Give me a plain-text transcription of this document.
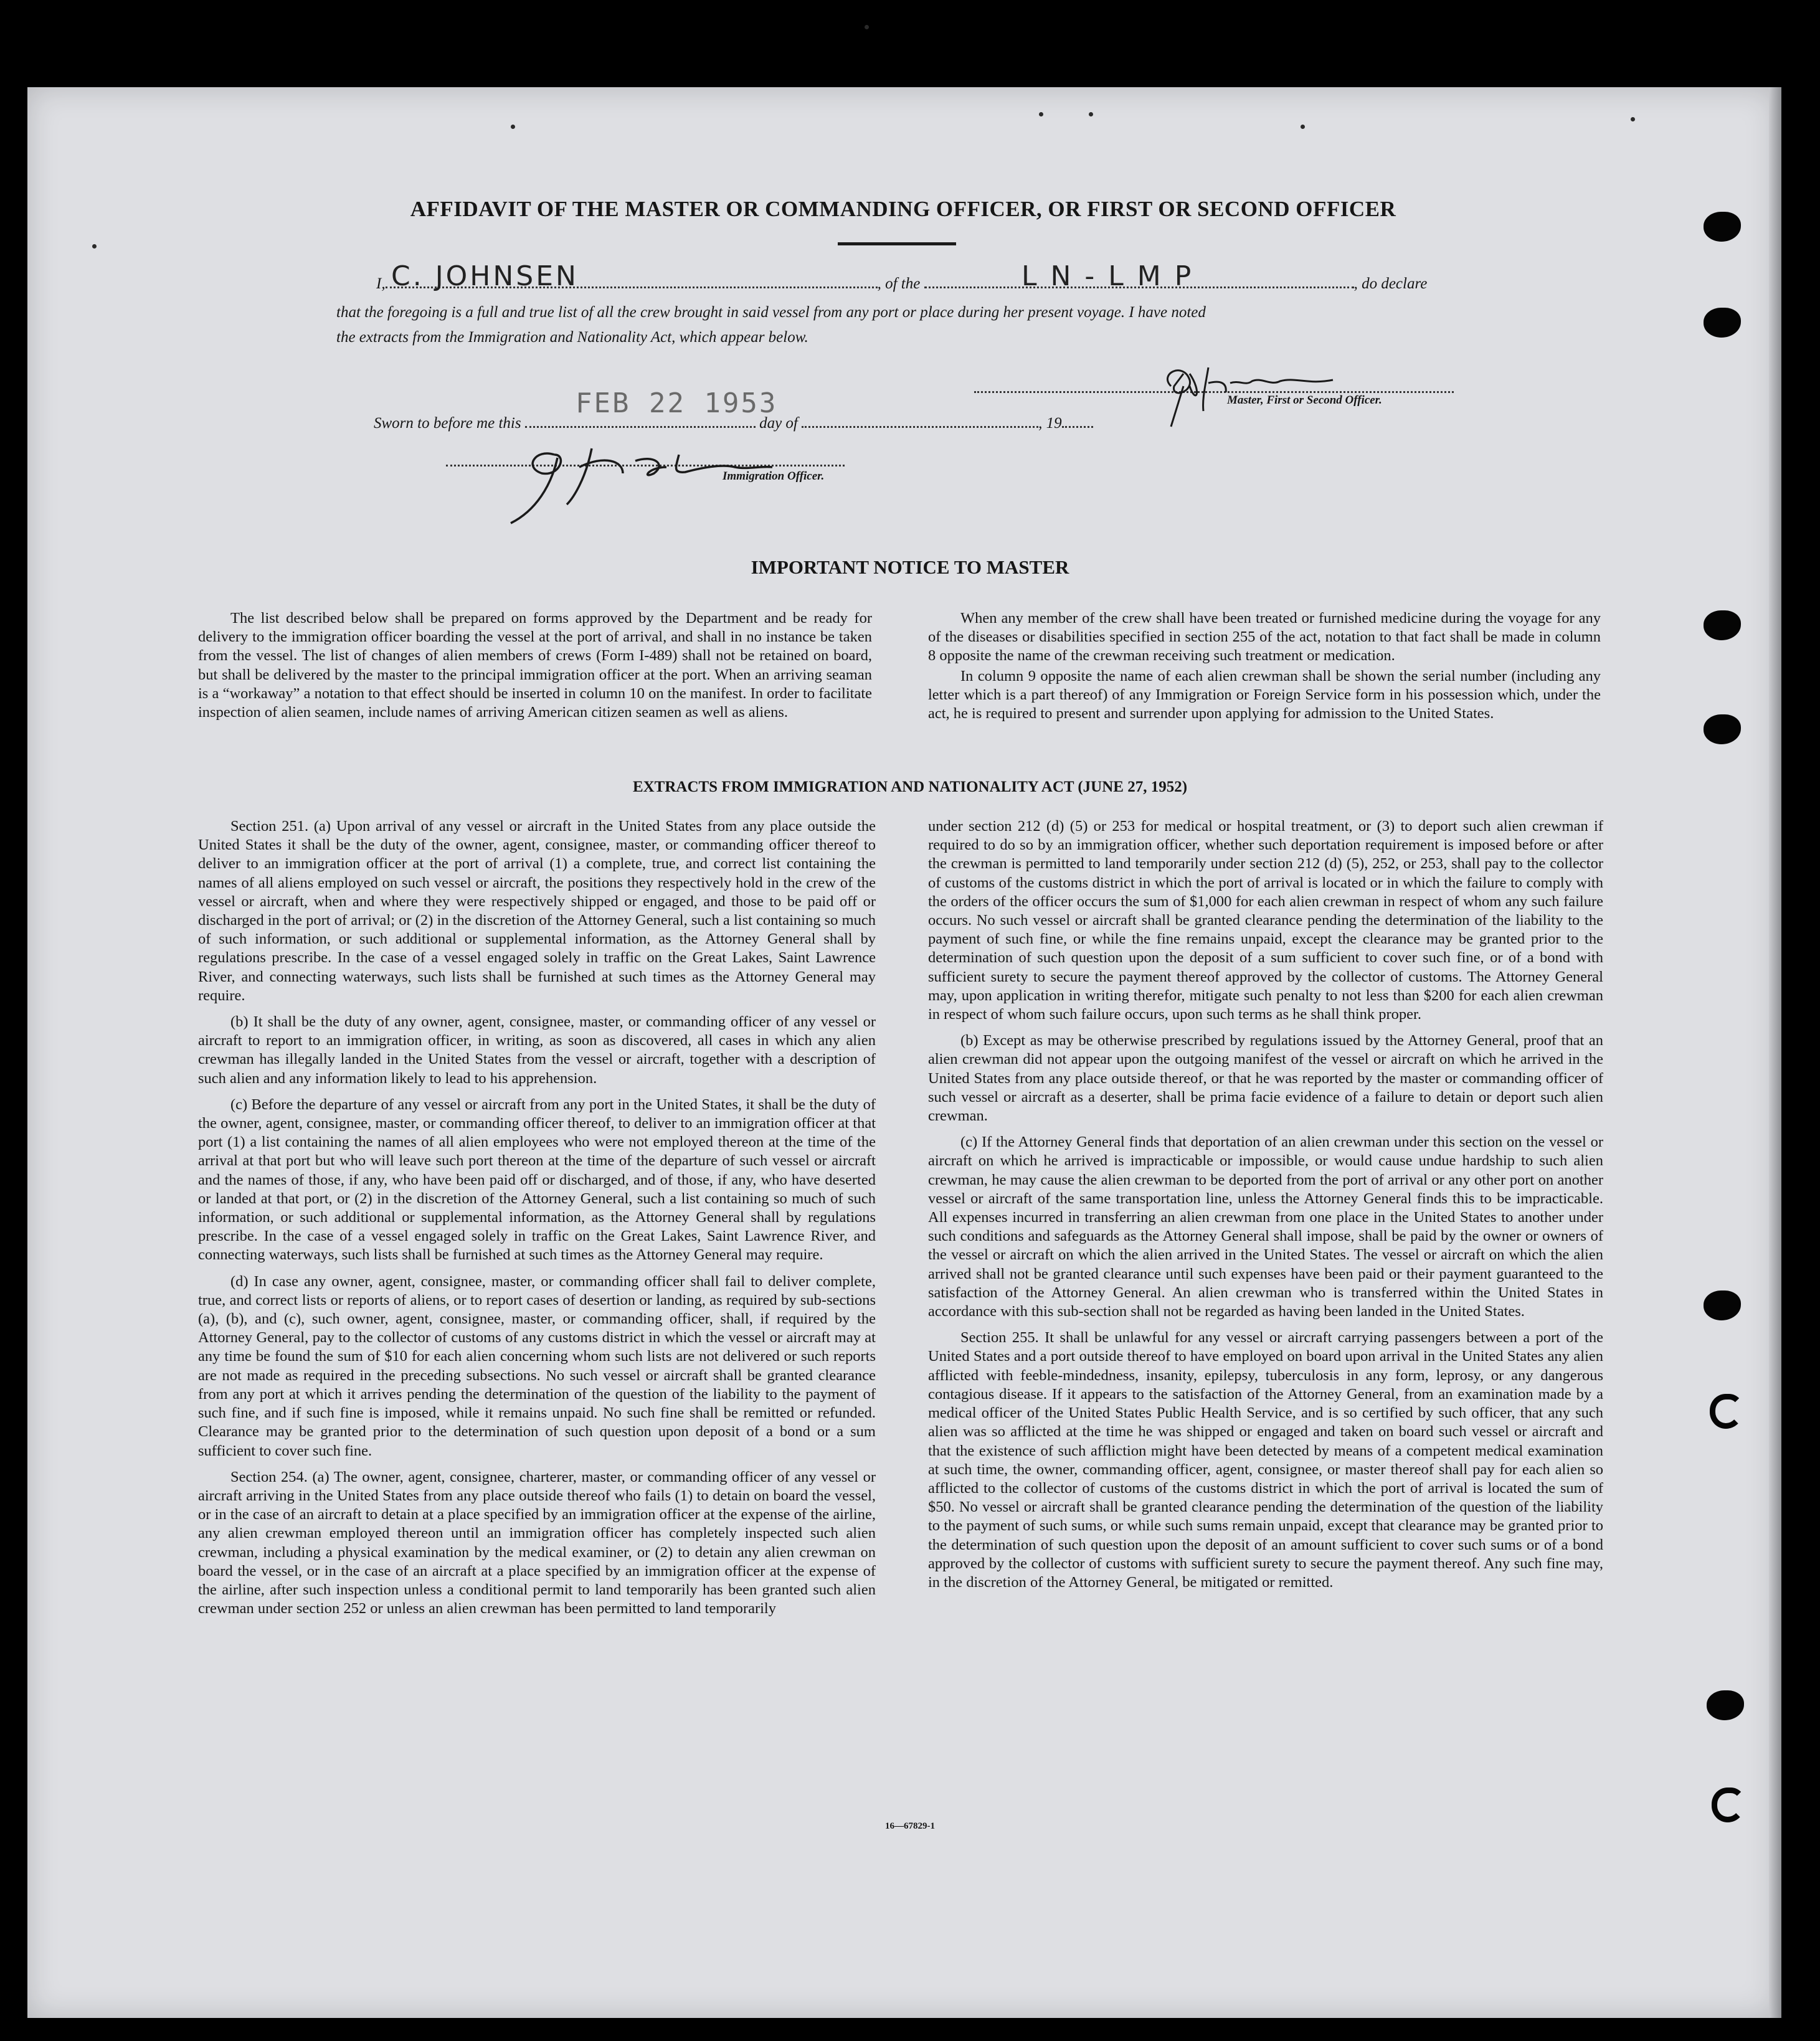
AFFIDAVIT OF THE MASTER OR COMMANDING OFFICER, OR FIRST OR SECOND OFFICER
I,	, of the	, do declare
C. JOHNSEN	L N - L M P
that the foregoing is a full and true list of all the crew brought in said vessel from any port or place during her present voyage. I have noted
the extracts from the Immigration and Nationality Act, which appear below.
Master, First or Second Officer.
Sworn to before me this	day of	, 19
FEB 22 1953
Immigration Officer.
IMPORTANT NOTICE TO MASTER

The list described below shall be prepared on forms approved by the Department and be ready for delivery to the immigration officer boarding the vessel at the port of arrival, and shall in no instance be taken from the vessel. The list of changes of alien members of crews (Form I-489) shall not be retained on board, but shall be delivered by the master to the principal immigration officer at the port. When an arriving seaman is a “workaway” a notation to that effect should be inserted in column 10 on the manifest. In order to facilitate inspection of alien seamen, include names of arriving American citizen seamen as well as aliens.

When any member of the crew shall have been treated or furnished medicine during the voyage for any of the diseases or disabilities specified in section 255 of the act, notation to that fact shall be made in column 8 opposite the name of the crewman receiving such treatment or medication.

In column 9 opposite the name of each alien crewman shall be shown the serial number (including any letter which is a part thereof) of any Immigration or Foreign Service form in his possession which, under the act, he is required to present and surrender upon applying for admission to the United States.

EXTRACTS FROM IMMIGRATION AND NATIONALITY ACT (JUNE 27, 1952)

Section 251. (a) Upon arrival of any vessel or aircraft in the United States from any place outside the United States it shall be the duty of the owner, agent, consignee, master, or commanding officer thereof to deliver to an immigration officer at the port of arrival (1) a complete, true, and correct list containing the names of all aliens employed on such vessel or aircraft, the positions they respectively hold in the crew of the vessel or aircraft, when and where they were respectively shipped or engaged, and those to be paid off or discharged in the port of arrival; or (2) in the discretion of the Attorney General, such a list containing so much of such information, or such additional or supplemental information, as the Attorney General shall by regulations prescribe. In the case of a vessel engaged solely in traffic on the Great Lakes, Saint Lawrence River, and connecting waterways, such lists shall be furnished at such times as the Attorney General may require.

(b) It shall be the duty of any owner, agent, consignee, master, or commanding officer of any vessel or aircraft to report to an immigration officer, in writing, as soon as discovered, all cases in which any alien crewman has illegally landed in the United States from the vessel or aircraft, together with a description of such alien and any information likely to lead to his apprehension.

(c) Before the departure of any vessel or aircraft from any port in the United States, it shall be the duty of the owner, agent, consignee, master, or commanding officer thereof, to deliver to an immigration officer at that port (1) a list containing the names of all alien employees who were not employed thereon at the time of the arrival at that port but who will leave such port thereon at the time of the departure of such vessel or aircraft and the names of those, if any, who have been paid off or discharged, and of those, if any, who have deserted or landed at that port, or (2) in the discretion of the Attorney General, such a list containing so much of such information, or such additional or supplemental information, as the Attorney General shall by regulations prescribe. In the case of a vessel engaged solely in traffic on the Great Lakes, Saint Lawrence River, and connecting waterways, such lists shall be furnished at such times as the Attorney General may require.

(d) In case any owner, agent, consignee, master, or commanding officer shall fail to deliver complete, true, and correct lists or reports of aliens, or to report cases of desertion or landing, as required by sub-sections (a), (b), and (c), such owner, agent, consignee, master, or commanding officer, shall, if required by the Attorney General, pay to the collector of customs of any customs district in which the vessel or aircraft may at any time be found the sum of $10 for each alien concerning whom such lists are not delivered or such reports are not made as required in the preceding subsections. No such vessel or aircraft shall be granted clearance from any port at which it arrives pending the determination of the question of the liability to the payment of such fine, and if such fine is imposed, while it remains unpaid. No such fine shall be remitted or refunded. Clearance may be granted prior to the determination of such question upon deposit of a bond or a sum sufficient to cover such fine.

Section 254. (a) The owner, agent, consignee, charterer, master, or commanding officer of any vessel or aircraft arriving in the United States from any place outside thereof who fails (1) to detain on board the vessel, or in the case of an aircraft to detain at a place specified by an immigration officer at the expense of the airline, any alien crewman employed thereon until an immigration officer has completely inspected such alien crewman, including a physical examination by the medical examiner, or (2) to detain any alien crewman on board the vessel, or in the case of an aircraft at a place specified by an immigration officer at the expense of the airline, after such inspection unless a conditional permit to land temporarily has been granted such alien crewman under section 252 or unless an alien crewman has been permitted to land temporarily

under section 212 (d) (5) or 253 for medical or hospital treatment, or (3) to deport such alien crewman if required to do so by an immigration officer, whether such deportation requirement is imposed before or after the crewman is permitted to land temporarily under section 212 (d) (5), 252, or 253, shall pay to the collector of customs of the customs district in which the port of arrival is located or in which the failure to comply with the orders of the officer occurs the sum of $1,000 for each alien crewman in respect of whom any such failure occurs. No such vessel or aircraft shall be granted clearance pending the determination of the liability to the payment of such fine, or while the fine remains unpaid, except the clearance may be granted prior to the determination of such question upon the deposit of a sum sufficient to cover such fine, or of a bond with sufficient surety to secure the payment thereof approved by the collector of customs. The Attorney General may, upon application in writing therefor, mitigate such penalty to not less than $200 for each alien crewman in respect of whom such failure occurs, upon such terms as he shall think proper.

(b) Except as may be otherwise prescribed by regulations issued by the Attorney General, proof that an alien crewman did not appear upon the outgoing manifest of the vessel or aircraft on which he arrived in the United States from any place outside thereof, or that he was reported by the master or commanding officer of such vessel or aircraft as a deserter, shall be prima facie evidence of a failure to detain or deport such alien crewman.

(c) If the Attorney General finds that deportation of an alien crewman under this section on the vessel or aircraft on which he arrived is impracticable or impossible, or would cause undue hardship to such alien crewman, he may cause the alien crewman to be deported from the port of arrival or any other port on another vessel or aircraft of the same transportation line, unless the Attorney General finds this to be impracticable. All expenses incurred in transferring an alien crewman from one place in the United States to another under such conditions and safeguards as the Attorney General shall impose, shall be paid by the owner or owners of the vessel or aircraft on which the alien arrived in the United States. The vessel or aircraft on which the alien arrived shall not be granted clearance until such expenses have been paid or their payment guaranteed to the satisfaction of the Attorney General. An alien crewman who is transferred within the United States in accordance with this sub-section shall not be regarded as having been landed in the United States.

Section 255. It shall be unlawful for any vessel or aircraft carrying passengers between a port of the United States and a port outside thereof to have employed on board upon arrival in the United States any alien afflicted with feeble-mindedness, insanity, epilepsy, tuberculosis in any form, leprosy, or any dangerous contagious disease. If it appears to the satisfaction of the Attorney General, from an examination made by a medical officer of the United States Public Health Service, and is so certified by such officer, that any such alien was so afflicted at the time he was shipped or engaged and taken on board such vessel or aircraft and that the existence of such affliction might have been detected by means of a competent medical examination at such time, the owner, commanding officer, agent, consignee, or master thereof shall pay for each alien so afflicted to the collector of customs of the customs district in which the port of arrival is located the sum of $50. No vessel or aircraft shall be granted clearance pending the determination of the question of the liability to the payment of such sums, or while such sums remain unpaid, except that clearance may be granted prior to the determination of such question upon the deposit of an amount sufficient to cover such sums or of a bond approved by the collector of customs with sufficient surety to secure the payment thereof. Any such fine may, in the discretion of the Attorney General, be mitigated or remitted.

16—67829-1
